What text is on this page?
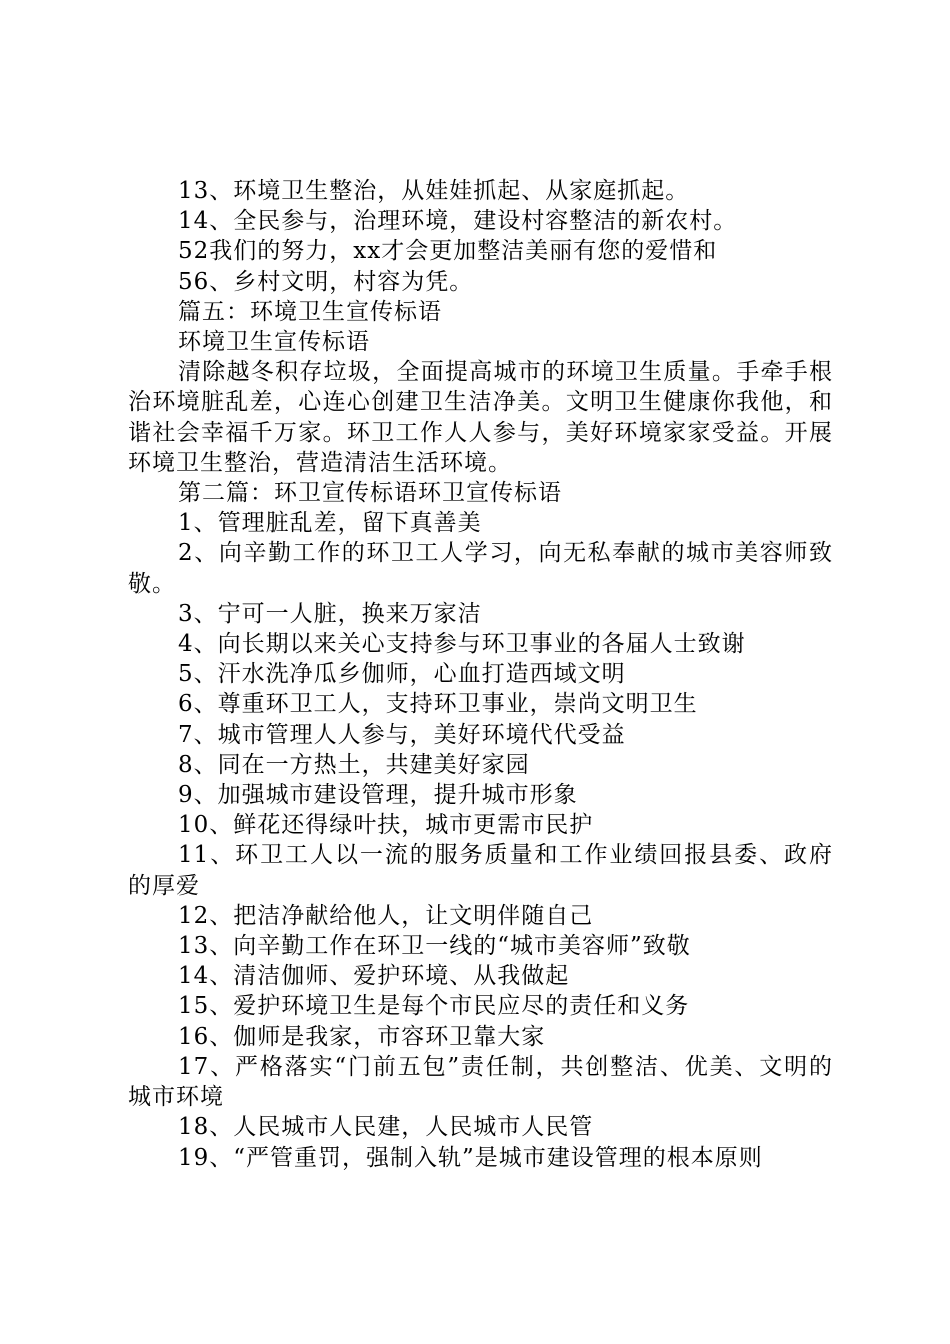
13、环境卫生整治，从娃娃抓起、从家庭抓起。

14、全民参与，治理环境，建设村容整洁的新农村。

52我们的努力，xx才会更加整洁美丽有您的爱惜和

56、乡村文明，村容为凭。

篇五：环境卫生宣传标语

环境卫生宣传标语

清除越冬积存垃圾，全面提高城市的环境卫生质量。手牵手根治环境脏乱差，心连心创建卫生洁净美。文明卫生健康你我他，和谐社会幸福千万家。环卫工作人人参与，美好环境家家受益。开展环境卫生整治，营造清洁生活环境。

第二篇：环卫宣传标语环卫宣传标语

1、管理脏乱差，留下真善美

2、向辛勤工作的环卫工人学习，向无私奉献的城市美容师致敬。

3、宁可一人脏，换来万家洁

4、向长期以来关心支持参与环卫事业的各届人士致谢

5、汗水洗净瓜乡伽师，心血打造西域文明

6、尊重环卫工人，支持环卫事业，崇尚文明卫生

7、城市管理人人参与，美好环境代代受益

8、同在一方热土，共建美好家园

9、加强城市建设管理，提升城市形象

10、鲜花还得绿叶扶，城市更需市民护

11、环卫工人以一流的服务质量和工作业绩回报县委、政府的厚爱

12、把洁净献给他人，让文明伴随自己

13、向辛勤工作在环卫一线的“城市美容师”致敬

14、清洁伽师、爱护环境、从我做起

15、爱护环境卫生是每个市民应尽的责任和义务

16、伽师是我家，市容环卫靠大家

17、严格落实“门前五包”责任制，共创整洁、优美、文明的城市环境

18、人民城市人民建，人民城市人民管

19、“严管重罚，强制入轨”是城市建设管理的根本原则
